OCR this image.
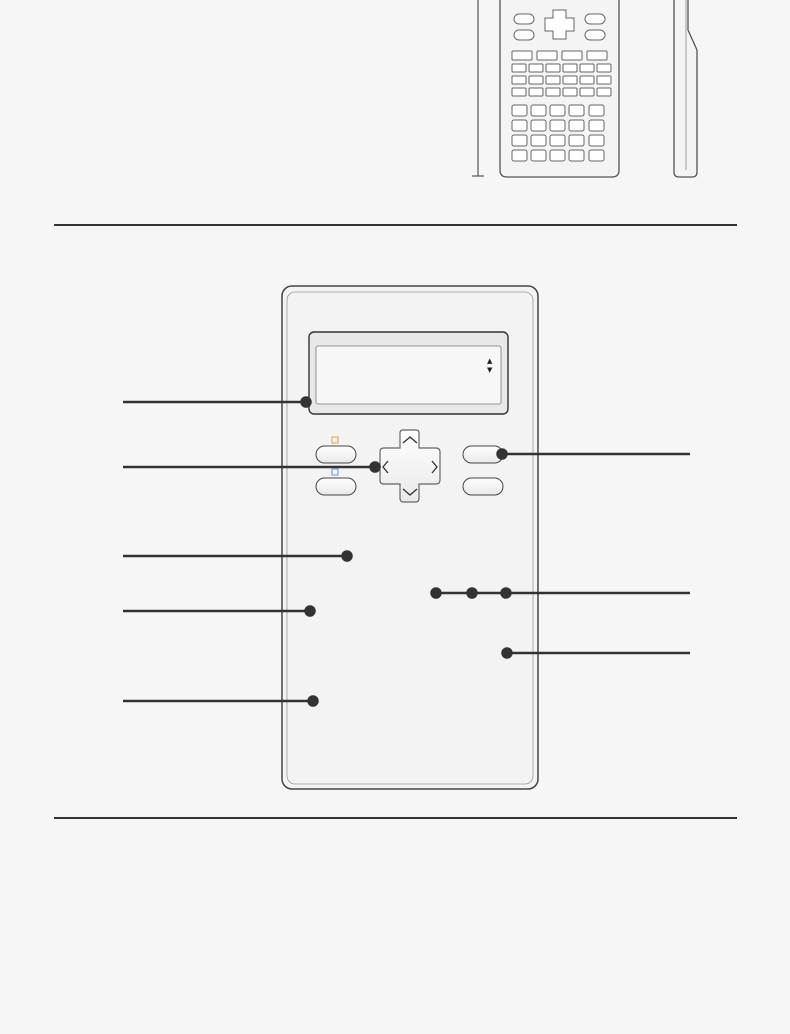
▲
▼
